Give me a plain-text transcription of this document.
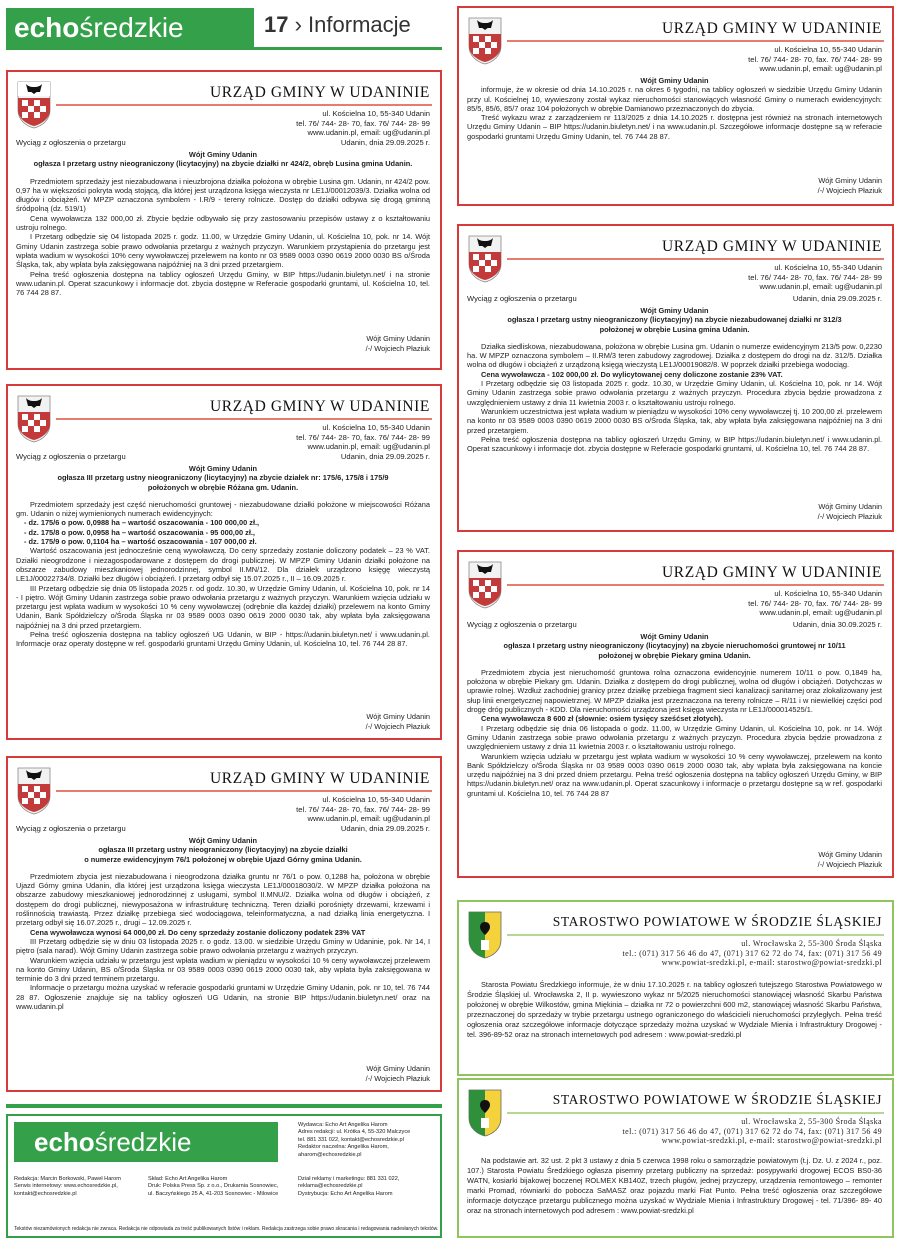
echośredzkie	17 › Informacje
URZĄD GMINY W UDANINIE
ul. Kościelna 10, 55-340 Udanin
tel. 76/ 744- 28- 70, fax. 76/ 744- 28- 99
www.udanin.pl, email: ug@udanin.pl
Wyciąg z ogłoszenia o przetargu	Udanin, dnia 29.09.2025 r.

Wójt Gminy Udanin

ogłasza I przetarg ustny nieograniczony (licytacyjny) na zbycie działki nr 424/2, obręb Lusina gmina Udanin.

Przedmiotem sprzedaży jest niezabudowana i nieuzbrojona działka położona w obrębie Lusina gm. Udanin, nr 424/2 pow. 0,97 ha w większości pokryta wodą stojącą, dla której jest urządzona księga wieczysta nr LE1J/00012039/3. Działka wolna od długów i obciążeń. W MPZP oznaczona symbolem - I.R/9 - tereny rolnicze. Dostęp do działki odbywa się drogą gminną śródpolną (dz. 519/1)

Cena wywoławcza 132 000,00 zł. Zbycie będzie odbywało się przy zastosowaniu przepisów ustawy z o kształtowaniu ustroju rolnego.

I Przetarg odbędzie się 04 listopada 2025 r. godz. 11.00, w Urzędzie Gminy Udanin, ul. Kościelna 10, pok. nr 14. Wójt Gminy Udanin zastrzega sobie prawo odwołania przetargu z ważnych przyczyn. Warunkiem przystąpienia do przetargu jest wpłata wadium w wysokości 10% ceny wywoławczej przelewem na konto nr 03 9589 0003 0390 0619 2000 0030 BS o/Środa Śląska, tak, aby wpłata była zaksięgowana najpóźniej na 3 dni przed przetargiem.

Pełna treść ogłoszenia dostępna na tablicy ogłoszeń Urzędu Gminy, w BIP https://udanin.biuletyn.net/ i na stronie www.udanin.pl. Operat szacunkowy i informacje dot. zbycia dostępne w Referacie gospodarki gruntami, ul. Kościelna 10, tel. 76 744 28 87.

Wójt Gminy Udanin
/-/ Wojciech Płaziuk
URZĄD GMINY W UDANINIE
ul. Kościelna 10, 55-340 Udanin
tel. 76/ 744- 28- 70, fax. 76/ 744- 28- 99
www.udanin.pl, email: ug@udanin.pl
Wyciąg z ogłoszenia o przetargu	Udanin, dnia 29.09.2025 r.

Wójt Gminy Udanin

ogłasza III przetarg ustny nieograniczony (licytacyjny) na zbycie działek nr: 175/6, 175/8 i 175/9

położonych w obrębie Różana gm. Udanin.

Przedmiotem sprzedaży jest część nieruchomości gruntowej - niezabudowane działki położone w miejscowości Różana gm. Udanin o niżej wymienionych numerach ewidencyjnych:

- dz. 175/6 o pow. 0,0988 ha – wartość oszacowania - 100 000,00 zł.,

- dz. 175/8 o pow. 0,0958 ha – wartość oszacowania - 95 000,00 zł.,

- dz. 175/9 o pow. 0,1104 ha – wartość oszacowania - 107 000,00 zł.

Wartość oszacowania jest jednocześnie ceną wywoławczą. Do ceny sprzedaży zostanie doliczony podatek – 23 % VAT. Działki nieogrodzone i niezagospodarowane z dostępem do drogi publicznej. W MPZP Gminy Udanin działki położone na obszarze zabudowy mieszkaniowej jednorodzinnej, symbol II.MN/12. Dla działek urządzono księgę wieczystą LE1J/00022734/8. Działki bez długów i obciążeń. I przetarg odbył się 15.07.2025 r., II – 16.09.2025 r.

III Przetarg odbędzie się dnia 05 listopada 2025 r. od godz. 10.30, w Urzędzie Gminy Udanin, ul. Kościelna 10, pok. nr 14 - I piętro. Wójt Gminy Udanin zastrzega sobie prawo odwołania przetargu z ważnych przyczyn. Warunkiem wzięcia udziału w przetargu jest wpłata wadium w wysokości 10 % ceny wywoławczej (odrębnie dla każdej działki) przelewem na konto Gminy Udanin, Bank Spółdzielczy o/Środa Śląska nr 03 9589 0003 0390 0619 2000 0030 tak, aby wpłata była zaksięgowana najpóźniej na 3 dni przed przetargiem.

Pełna treść ogłoszenia dostępna na tablicy ogłoszeń UG Udanin, w BIP - https://udanin.biuletyn.net/ i www.udanin.pl. Informacje oraz operaty dostępne w ref. gospodarki gruntami Urzędu Gminy Udanin, ul. Kościelna 10, tel. 76 744 28 87.

Wójt Gminy Udanin
/-/ Wojciech Płaziuk
URZĄD GMINY W UDANINIE
ul. Kościelna 10, 55-340 Udanin
tel. 76/ 744- 28- 70, fax. 76/ 744- 28- 99
www.udanin.pl, email: ug@udanin.pl
Wyciąg z ogłoszenia o przetargu	Udanin, dnia 29.09.2025 r.

Wójt Gminy Udanin

ogłasza III przetarg ustny nieograniczony (licytacyjny) na zbycie działki

o numerze ewidencyjnym 76/1 położonej w obrębie Ujazd Górny gmina Udanin.

Przedmiotem zbycia jest niezabudowana i nieogrodzona działka gruntu nr 76/1 o pow. 0,1288 ha, położona w obrębie Ujazd Górny gmina Udanin, dla której jest urządzona księga wieczysta LE1J/00018030/2. W MPZP działka położona na obszarze zabudowy mieszkaniowej jednorodzinnej z usługami, symbol II.MNU/2. Działka wolna od długów i obciążeń, z dostępem do drogi publicznej, niewyposażona w infrastrukturę techniczną. Teren działki porośnięty drzewami, krzewami i roślinnością trawiastą. Przez działkę przebiega sieć wodociągowa, teleinformatyczna, a nad działką linia energetyczna. I przetarg odbył się 16.07.2025 r., drugi – 12.09.2025 r.

Cena wywoławcza wynosi 64 000,00 zł. Do ceny sprzedaży zostanie doliczony podatek 23% VAT

III Przetarg odbędzie się w dniu 03 listopada 2025 r. o godz. 13.00. w siedzibie Urzędu Gminy w Udaninie, pok. Nr 14, I piętro (sala narad). Wójt Gminy Udanin zastrzega sobie prawo odwołania przetargu z ważnych przyczyn.

Warunkiem wzięcia udziału w przetargu jest wpłata wadium w pieniądzu w wysokości 10 % ceny wywoławczej przelewem na konto Gminy Udanin, BS o/Środa Śląska nr 03 9589 0003 0390 0619 2000 0030 tak, aby wpłata była zaksięgowana w terminie do 3 dni przed terminem przetargu.

Informacje o przetargu można uzyskać w referacie gospodarki gruntami w Urzędzie Gminy Udanin, pok. nr 10, tel. 76 744 28 87. Ogłoszenie znajduje się na tablicy ogłoszeń UG Udanin, na stronie BIP https://udanin.biuletyn.net/ oraz na www.udanin.pl

Wójt Gminy Udanin
/-/ Wojciech Płaziuk
echośredzkie
Wydawca: Echo Art Angelika Harom
Adres redakcji: ul. Krótka 4, 55-320 Malczyce
tel. 881 331 022, kontakt@echosredzkie.pl
Redaktor naczelna: Angelika Harom,
aharom@echosredzkie.pl
Redakcja: Marcin Borkowski, Paweł Harom
Serwis internetowy: www.echosredzkie.pl,
kontakt@echosredzkie.pl
Skład: Echo Art Angelika Harom
Druk: Polska Press Sp. z o.o., Drukarnia Sosnowiec,
ul. Baczyńskiego 25 A, 41-203 Sosnowiec - Milowice
Dział reklamy i marketingu: 881 331 022,
reklama@echosredzkie.pl
Dystrybucja: Echo Art Angelika Harom
Tekstów niezamówionych redakcja nie zwraca. Redakcja nie odpowiada za treść publikowanych listów i reklam. Redakcja zastrzega sobie prawo skracania i redagowania nadesłanych tekstów.
URZĄD GMINY W UDANINIE
ul. Kościelna 10, 55-340 Udanin
tel. 76/ 744- 28- 70, fax. 76/ 744- 28- 99
www.udanin.pl, email: ug@udanin.pl

Wójt Gminy Udanin

informuje, że w okresie od dnia 14.10.2025 r. na okres 6 tygodni, na tablicy ogłoszeń w siedzibie Urzędu Gminy Udanin przy ul. Kościelnej 10, wywieszony został wykaz nieruchomości stanowiących własność Gminy o numerach ewidencyjnych: 85/5, 85/6, 85/7 oraz 104 położonych w obrębie Damianowo przeznaczonych do zbycia.

Treść wykazu wraz z zarządzeniem nr 113/2025 z dnia 14.10.2025 r. dostępna jest również na stronach internetowych Urzędu Gminy Udanin – BIP https://udanin.biuletyn.net/ i na www.udanin.pl. Szczegółowe informacje dostępne są w referacie gospodarki gruntami Urzędu Gminy Udanin, tel. 76 744 28 87.

Wójt Gminy Udanin
/-/ Wojciech Płaziuk
URZĄD GMINY W UDANINIE
ul. Kościelna 10, 55-340 Udanin
tel. 76/ 744- 28- 70, fax. 76/ 744- 28- 99
www.udanin.pl, email: ug@udanin.pl
Wyciąg z ogłoszenia o przetargu	Udanin, dnia 29.09.2025 r.

Wójt Gminy Udanin

ogłasza I przetarg ustny nieograniczony (licytacyjny) na zbycie niezabudowanej działki nr 312/3

położonej w obrębie Lusina gmina Udanin.

Działka siedliskowa, niezabudowana, położona w obrębie Lusina gm. Udanin o numerze ewidencyjnym 213/5 pow. 0,2230 ha. W MPZP oznaczona symbolem – II.RM/3 teren zabudowy zagrodowej. Działka z dostępem do drogi na dz. 312/5. Działka wolna od długów i obciążeń z urządzoną księgą wieczystą LE1J/00019082/8. W poprzek działki przebiega wodociąg.

Cena wywoławcza - 102 000,00 zł. Do wylicytowanej ceny doliczone zostanie 23% VAT.

I Przetarg odbędzie się 03 listopada 2025 r. godz. 10.30, w Urzędzie Gminy Udanin, ul. Kościelna 10, pok. nr 14. Wójt Gminy Udanin zastrzega sobie prawo odwołania przetargu z ważnych przyczyn. Procedura zbycia będzie prowadzona z uwzględnieniem ustawy z dnia 11 kwietnia 2003 r. o kształtowaniu ustroju rolnego.

Warunkiem uczestnictwa jest wpłata wadium w pieniądzu w wysokości 10% ceny wywoławczej tj. 10 200,00 zł. przelewem na konto nr 03 9589 0003 0390 0619 2000 0030 BS o/Środa Śląska, tak, aby wpłata była zaksięgowana najpóźniej na 3 dni przed przetargiem.

Pełna treść ogłoszenia dostępna na tablicy ogłoszeń Urzędu Gminy, w BIP https://udanin.biuletyn.net/ i www.udanin.pl. Operat szacunkowy i informacje dot. zbycia dostępne w Referacie gospodarki gruntami, ul. Kościelna 10, tel. 76 744 28 87.

Wójt Gminy Udanin
/-/ Wojciech Płaziuk
URZĄD GMINY W UDANINIE
ul. Kościelna 10, 55-340 Udanin
tel. 76/ 744- 28- 70, fax. 76/ 744- 28- 99
www.udanin.pl, email: ug@udanin.pl
Wyciąg z ogłoszenia o przetargu	Udanin, dnia 30.09.2025 r.

Wójt Gminy Udanin

ogłasza I przetarg ustny nieograniczony (licytacyjny) na zbycie nieruchomości gruntowej nr 10/11

położonej w obrębie Piekary gmina Udanin.

Przedmiotem zbycia jest nieruchomość gruntowa rolna oznaczona ewidencyjnie numerem 10/11 o pow. 0,1849 ha, położona w obrębie Piekary gm. Udanin. Działka z dostępem do drogi publicznej, wolna od długów i obciążeń. Dotychczas w uprawie rolnej. Wzdłuż zachodniej granicy przez działkę przebiega fragment sieci kanalizacji sanitarnej oraz zlokalizowany jest słup linii energetycznej napowietrznej. W MPZP działka jest przeznaczona na tereny rolnicze – R/11 i w niewielkiej części pod drogę dróg publicznych - KDD. Dla nieruchomości urządzona jest księga wieczysta nr LE1J/000014525/1.

Cena wywoławcza 8 600 zł (słownie: osiem tysięcy sześćset złotych).

I Przetarg odbędzie się dnia 06 listopada o godz. 11.00, w Urzędzie Gminy Udanin, ul. Kościelna 10, pok. nr 14. Wójt Gminy Udanin zastrzega sobie prawo odwołania przetargu z ważnych przyczyn. Procedura zbycia będzie prowadzona z uwzględnieniem ustawy z dnia 11 kwietnia 2003 r. o kształtowaniu ustroju rolnego.

Warunkiem wzięcia udziału w przetargu jest wpłata wadium w wysokości 10 % ceny wywoławczej, przelewem na konto Bank Spółdzielczy o/Środa Śląska nr 03 9589 0003 0390 0619 2000 0030 tak, aby wpłata była zaksięgowana na koncie urzędu najpóźniej na 3 dni przed dniem przetargu. Pełna treść ogłoszenia dostępna na tablicy ogłoszeń Urzędu Gminy, w BIP https://udanin.biuletyn.net/ oraz na www.udanin.pl. Operat szacunkowy i informacje o przetargu dostępne są w ref. gospodarki gruntami ul. Kościelna 10, tel. 76 744 28 87

Wójt Gminy Udanin
/-/ Wojciech Płaziuk
STAROSTWO POWIATOWE W ŚRODZIE ŚLĄSKIEJ
ul. Wrocławska 2, 55-300 Środa Śląska
tel.: (071) 317 56 46 do 47, (071) 317 62 72 do 74, fax: (071) 317 56 49
www.powiat-sredzki.pl, e-mail: starostwo@powiat-sredzki.pl

Starosta Powiatu Średzkiego informuje, że w dniu 17.10.2025 r. na tablicy ogłoszeń tutejszego Starostwa Powiatowego w Środzie Śląskiej ul. Wrocławska 2, II p. wywieszono wykaz nr 5/2025 nieruchomości stanowiącej własność Skarbu Państwa położonej w obrębie Wilkostów, gmina Miękinia – działka nr 72 o powierzchni 600 m2, stanowiącej własność Skarbu Państwa, przeznaczonej do sprzedaży w trybie przetargu ustnego ograniczonego do właścicieli nieruchomości przyległych. Pełna treść ogłoszenia oraz szczegółowe informacje dotyczące sprzedaży można uzyskać w Wydziale Mienia i Infrastruktury Drogowej - tel. 396-89-52 oraz na stronach internetowych pod adresem : www.powiat-sredzki.pl

STAROSTWO POWIATOWE W ŚRODZIE ŚLĄSKIEJ
ul. Wrocławska 2, 55-300 Środa Śląska
tel.: (071) 317 56 46 do 47, (071) 317 62 72 do 74, fax: (071) 317 56 49
www.powiat-sredzki.pl, e-mail: starostwo@powiat-sredzki.pl

Na podstawie art. 32 ust. 2 pkt 3 ustawy z dnia 5 czerwca 1998 roku o samorządzie powiatowym (t.j. Dz. U. z 2024 r., poz. 107.) Starosta Powiatu Średzkiego ogłasza pisemny przetarg publiczny na sprzedaż: posypywarki drogowej ECOS BS0-36 WATN, kosiarki bijakowej boczenej ROLMEX KB140Z, trzech pługów, jednej przyczepy, urządzenia remontowego – remonter marki Promad, równiarki do pobocza SaMASZ oraz pojazdu marki Fiat Punto. Pełna treść ogłoszenia oraz szczegółowe informacje dotyczące przetargu publicznego można uzyskać w Wydziale Mienia i Infrastruktury Drogowej - tel. 71/396- 89- 40 oraz na stronach internetowych pod adresem : www.powiat-sredzki.pl
